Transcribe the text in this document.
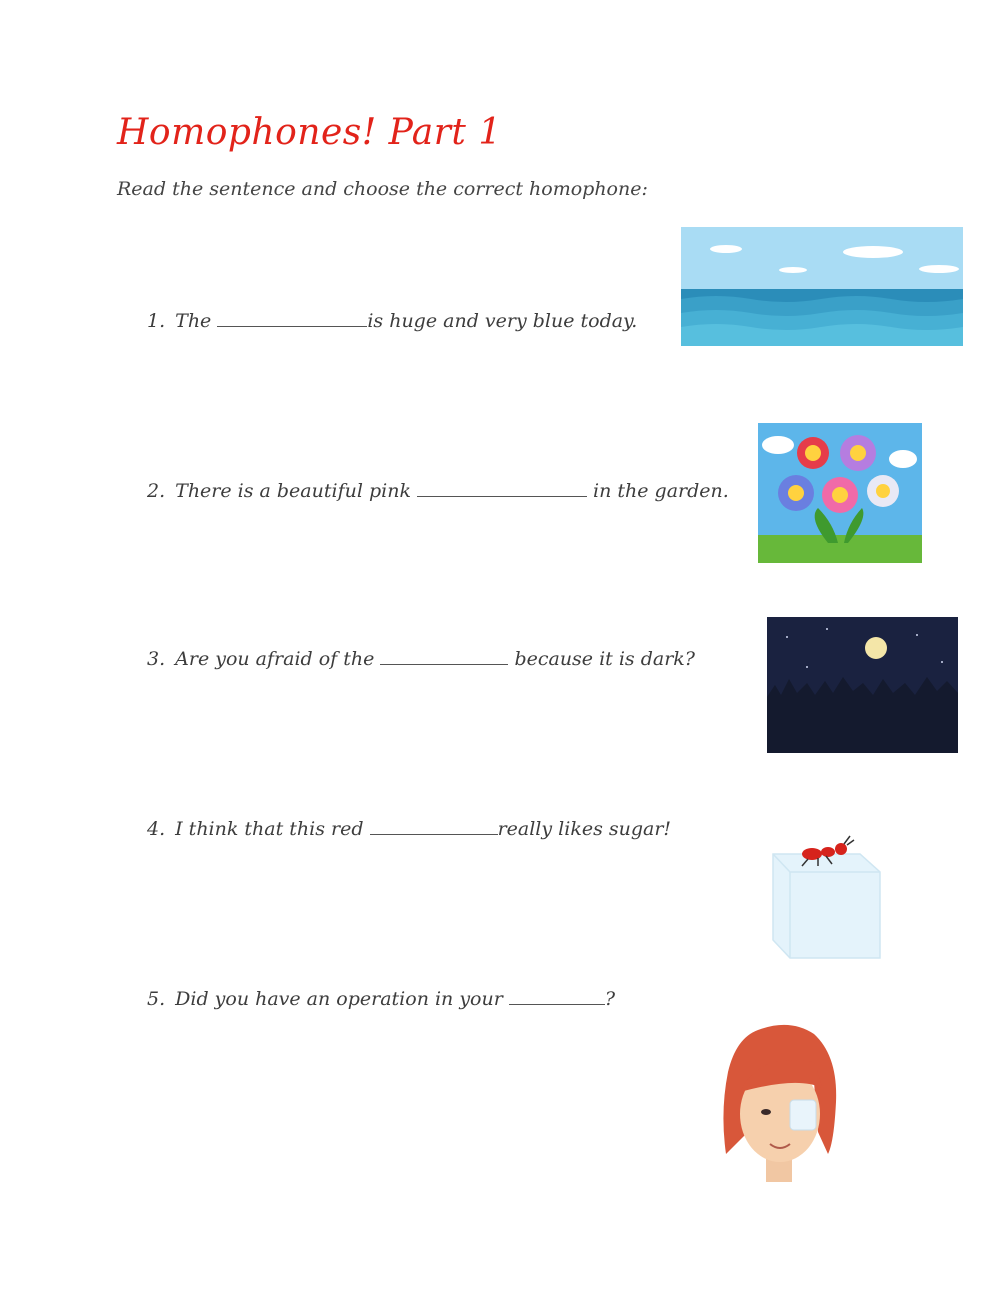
Homophones! Part 1
Read the sentence and choose the correct homophone:
1. The	is huge and very blue today.
2. There is a beautiful pink	in the garden.
3. Are you afraid of the	because it is dark?
4. I think that this red	really likes sugar!
5. Did you have an operation in your	?
